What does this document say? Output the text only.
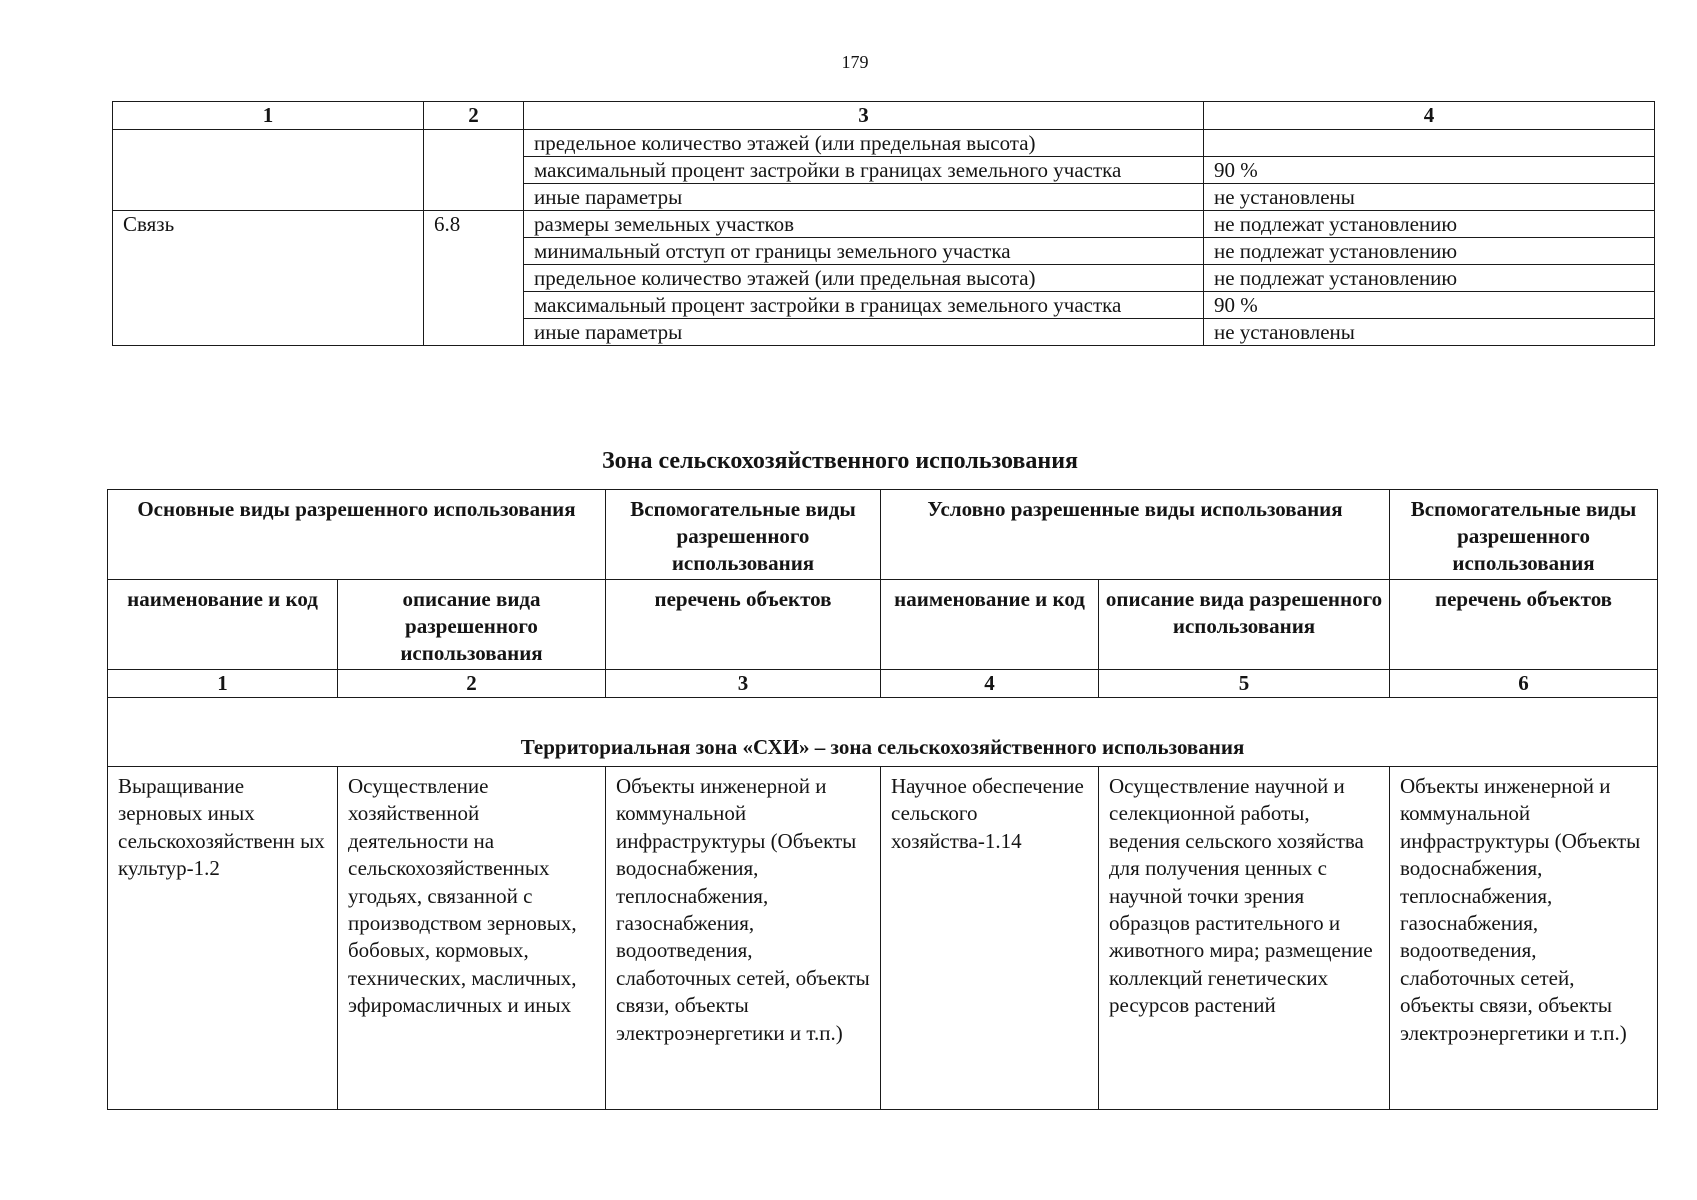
179
1	2	3	4
		предельное количество этажей (или предельная высота)	
		максимальный процент застройки в границах земельного участка	90 %
		иные параметры	не установлены
Связь	6.8	размеры земельных участков	не подлежат установлению
		минимальный отступ от границы земельного участка	не подлежат установлению
		предельное количество этажей (или предельная высота)	не подлежат установлению
		максимальный процент застройки в границах земельного участка	90 %
		иные параметры	не установлены
Зона сельскохозяйственного использования
Основные виды разрешенного использования		Вспомогательные виды разрешенного использования	Условно разрешенные виды использования		Вспомогательные виды разрешенного использования
наименование и код	описание вида разрешенного использования	перечень объектов	наименование и код	описание вида разрешенного использования	перечень объектов
1	2	3	4	5	6
Территориальная зона «СХИ» – зона сельскохозяйственного использования					
Выращивание зерновых иных сельскохозяйственн ых культур-1.2	Осуществление хозяйственной деятельности на сельскохозяйственных угодьях, связанной с производством зерновых, бобовых, кормовых, технических, масличных, эфиромасличных и иных	Объекты инженерной и коммунальной инфраструктуры (Объекты водоснабжения, теплоснабжения, газоснабжения, водоотведения, слаботочных сетей, объекты связи, объекты электроэнергетики и т.п.)	Научное обеспечение сельского хозяйства-1.14	Осуществление научной и селекционной работы, ведения сельского хозяйства для получения ценных с научной точки зрения образцов растительного и животного мира; размещение коллекций генетических ресурсов растений	Объекты инженерной и коммунальной инфраструктуры (Объекты водоснабжения, теплоснабжения, газоснабжения, водоотведения, слаботочных сетей, объекты связи, объекты электроэнергетики и т.п.)
